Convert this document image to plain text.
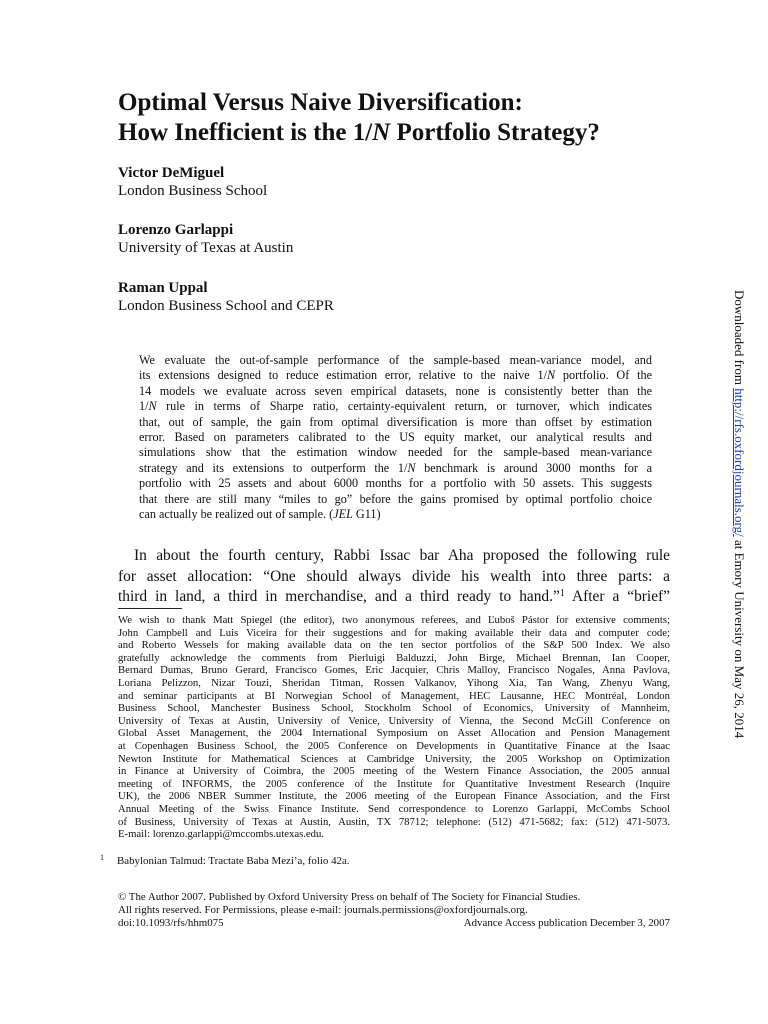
Optimal Versus Naive Diversification:
How Inefficient is the 1/N Portfolio Strategy?
Victor DeMiguel
London Business School
Lorenzo Garlappi
University of Texas at Austin
Raman Uppal
London Business School and CEPR
We evaluate the out-of-sample performance of the sample-based mean-variance model, and
its extensions designed to reduce estimation error, relative to the naive 1/N portfolio. Of the
14 models we evaluate across seven empirical datasets, none is consistently better than the
1/N rule in terms of Sharpe ratio, certainty-equivalent return, or turnover, which indicates
that, out of sample, the gain from optimal diversification is more than offset by estimation
error. Based on parameters calibrated to the US equity market, our analytical results and
simulations show that the estimation window needed for the sample-based mean-variance
strategy and its extensions to outperform the 1/N benchmark is around 3000 months for a
portfolio with 25 assets and about 6000 months for a portfolio with 50 assets. This suggests
that there are still many “miles to go” before the gains promised by optimal portfolio choice
can actually be realized out of sample. (JEL G11)
In about the fourth century, Rabbi Issac bar Aha proposed the following rule
for asset allocation: “One should always divide his wealth into three parts: a
third in land, a third in merchandise, and a third ready to hand.”$^1$ After a “brief”
We wish to thank Matt Spiegel (the editor), two anonymous referees, and Ľuboš Pástor for extensive comments;
John Campbell and Luis Viceira for their suggestions and for making available their data and computer code;
and Roberto Wessels for making available data on the ten sector portfolios of the S&P 500 Index. We also
gratefully acknowledge the comments from Pierluigi Balduzzi, John Birge, Michael Brennan, Ian Cooper,
Bernard Dumas, Bruno Gerard, Francisco Gomes, Eric Jacquier, Chris Malloy, Francisco Nogales, Anna Pavlova,
Loriana Pelizzon, Nizar Touzi, Sheridan Titman, Rossen Valkanov, Yihong Xia, Tan Wang, Zhenyu Wang,
and seminar participants at BI Norwegian School of Management, HEC Lausanne, HEC Montréal, London
Business School, Manchester Business School, Stockholm School of Economics, University of Mannheim,
University of Texas at Austin, University of Venice, University of Vienna, the Second McGill Conference on
Global Asset Management, the 2004 International Symposium on Asset Allocation and Pension Management
at Copenhagen Business School, the 2005 Conference on Developments in Quantitative Finance at the Isaac
Newton Institute for Mathematical Sciences at Cambridge University, the 2005 Workshop on Optimization
in Finance at University of Coimbra, the 2005 meeting of the Western Finance Association, the 2005 annual
meeting of INFORMS, the 2005 conference of the Institute for Quantitative Investment Research (Inquire
UK), the 2006 NBER Summer Institute, the 2006 meeting of the European Finance Association, and the First
Annual Meeting of the Swiss Finance Institute. Send correspondence to Lorenzo Garlappi, McCombs School
of Business, University of Texas at Austin, Austin, TX 78712; telephone: (512) 471-5682; fax: (512) 471-5073.
E-mail: lorenzo.garlappi@mccombs.utexas.edu.
1 Babylonian Talmud: Tractate Baba Mezi’a, folio 42a.
© The Author 2007. Published by Oxford University Press on behalf of The Society for Financial Studies.
All rights reserved. For Permissions, please e-mail: journals.permissions@oxfordjournals.org.
doi:10.1093/rfs/hhm075	Advance Access publication December 3, 2007
Downloaded from http://rfs.oxfordjournals.org/ at Emory University on May 26, 2014
